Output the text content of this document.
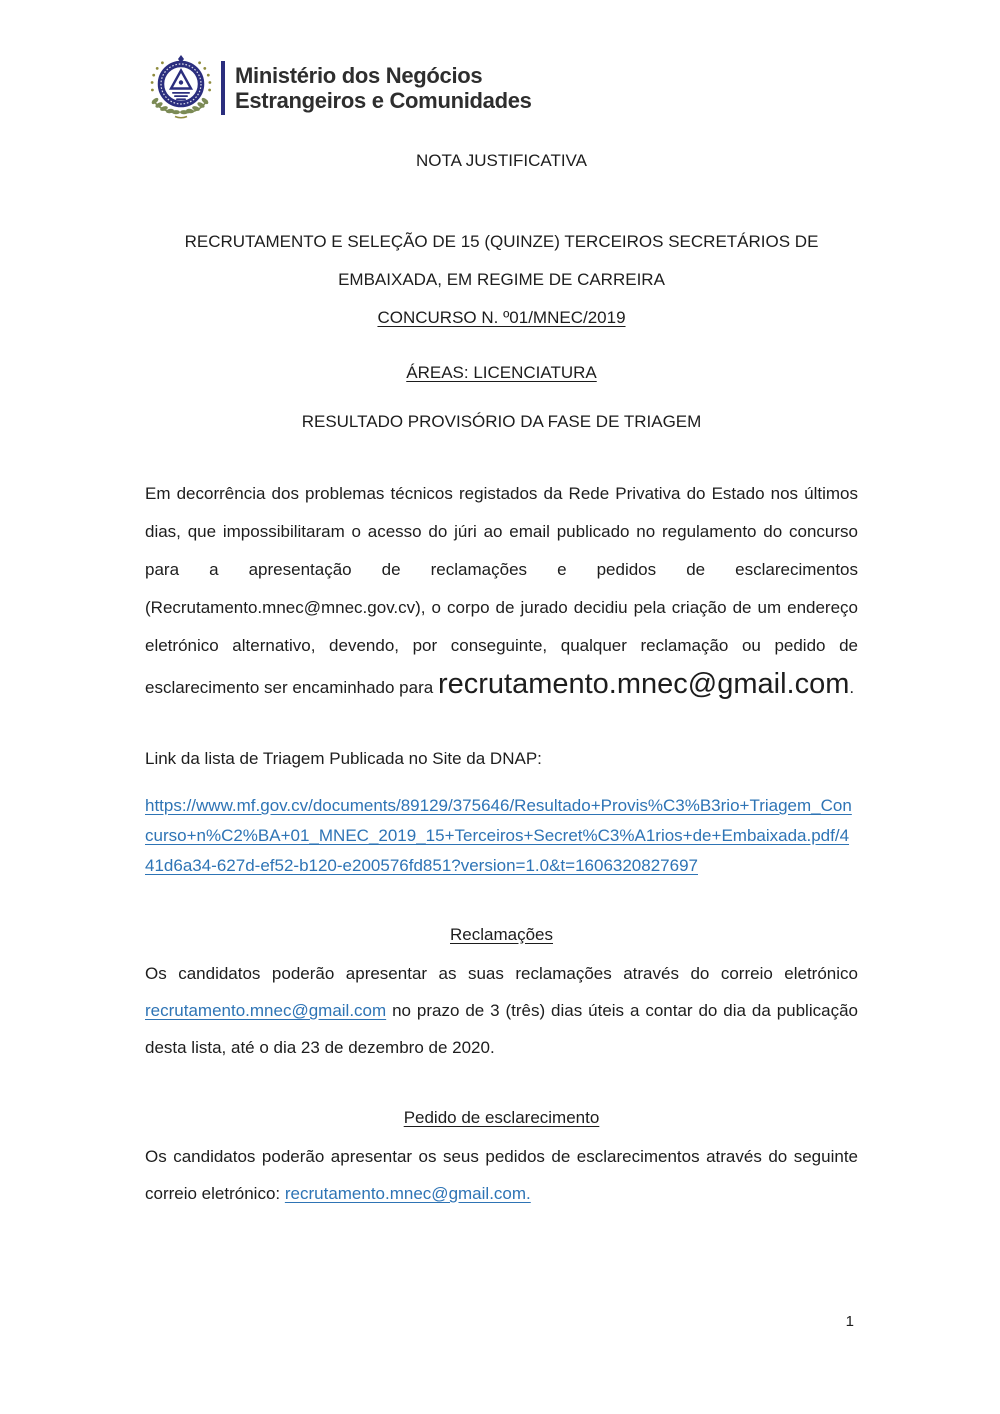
Ministério dos Negócios
Estrangeiros e Comunidades
NOTA JUSTIFICATIVA
RECRUTAMENTO E SELEÇÃO DE 15 (QUINZE) TERCEIROS SECRETÁRIOS DE EMBAIXADA, EM REGIME DE CARREIRA
CONCURSO N. º01/MNEC/2019
ÁREAS: LICENCIATURA
RESULTADO PROVISÓRIO DA FASE DE TRIAGEM

Em decorrência dos problemas técnicos registados da Rede Privativa do Estado nos últimos dias, que impossibilitaram o acesso do júri ao email publicado no regulamento do concurso para a apresentação de reclamações e pedidos de esclarecimentos (Recrutamento.mnec@mnec.gov.cv), o corpo de jurado decidiu pela criação de um endereço eletrónico alternativo, devendo, por conseguinte, qualquer reclamação ou pedido de esclarecimento ser encaminhado para recrutamento.mnec@gmail.com.

Link da lista de Triagem Publicada no Site da DNAP:
https://www.mf.gov.cv/documents/89129/375646/Resultado+Provis%C3%B3rio+Triagem_Concurso+n%C2%BA+01_MNEC_2019_15+Terceiros+Secret%C3%A1rios+de+Embaixada.pdf/441d6a34-627d-ef52-b120-e200576fd851?version=1.0&t=1606320827697
Reclamações

Os candidatos poderão apresentar as suas reclamações através do correio eletrónico recrutamento.mnec@gmail.com no prazo de 3 (três) dias úteis a contar do dia da publicação desta lista, até o dia 23 de dezembro de 2020.

Pedido de esclarecimento

Os candidatos poderão apresentar os seus pedidos de esclarecimentos através do seguinte correio eletrónico: recrutamento.mnec@gmail.com.

1
